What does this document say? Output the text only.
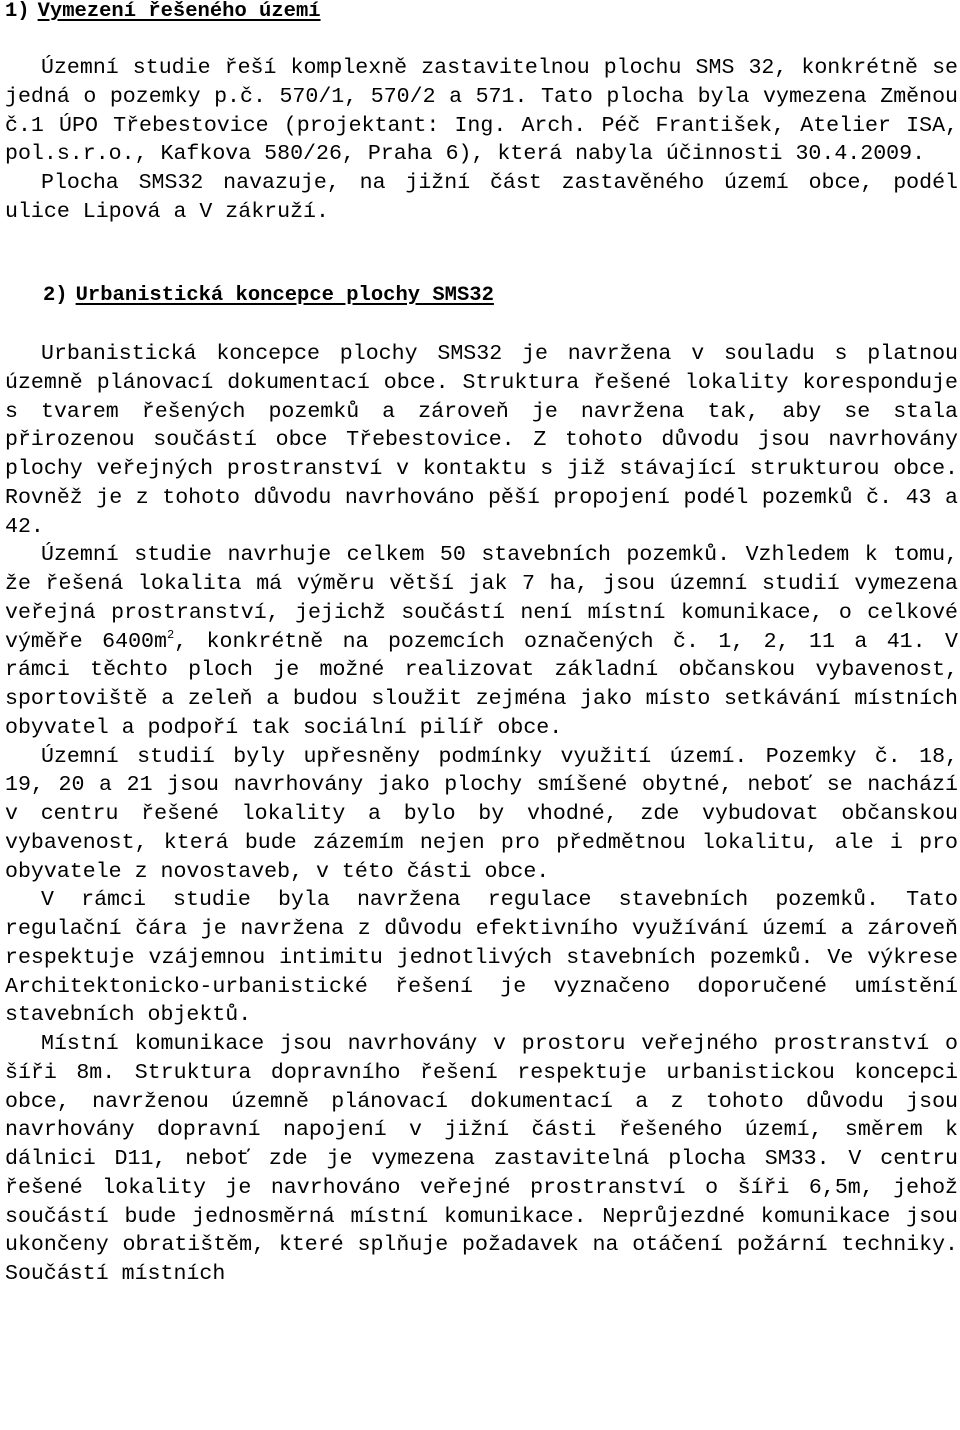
1) Vymezení řešeného území

Územní studie řeší komplexně zastavitelnou plochu SMS 32, konkrétně se jedná o pozemky p.č. 570/1, 570/2 a 571. Tato plocha byla vymezena Změnou č.1 ÚPO Třebestovice (projektant: Ing. Arch. Péč František, Atelier ISA, pol.s.r.o., Kafkova 580/26, Praha 6), která nabyla účinnosti 30.4.2009.

Plocha SMS32 navazuje, na jižní část zastavěného území obce, podél ulice Lipová a V zákruží.

2) Urbanistická koncepce plochy SMS32

Urbanistická koncepce plochy SMS32 je navržena v souladu s platnou územně plánovací dokumentací obce. Struktura řešené lokality koresponduje s tvarem řešených pozemků a zároveň je navržena tak, aby se stala přirozenou součástí obce Třebestovice. Z tohoto důvodu jsou navrhovány plochy veřejných prostranství v kontaktu s již stávající strukturou obce. Rovněž je z tohoto důvodu navrhováno pěší propojení podél pozemků č. 43 a 42.

Územní studie navrhuje celkem 50 stavebních pozemků. Vzhledem k tomu, že řešená lokalita má výměru větší jak 7 ha, jsou územní studií vymezena veřejná prostranství, jejichž součástí není místní komunikace, o celkové výměře $6400m^2$, konkrétně na pozemcích označených č. 1, 2, 11 a 41. V rámci těchto ploch je možné realizovat základní občanskou vybavenost, sportoviště a zeleň a budou sloužit zejména jako místo setkávání místních obyvatel a podpoří tak sociální pilíř obce.

Územní studií byly upřesněny podmínky využití území. Pozemky č. 18, 19, 20 a 21 jsou navrhovány jako plochy smíšené obytné, neboť se nachází v centru řešené lokality a bylo by vhodné, zde vybudovat občanskou vybavenost, která bude zázemím nejen pro předmětnou lokalitu, ale i pro obyvatele z novostaveb, v této části obce.

V rámci studie byla navržena regulace stavebních pozemků. Tato regulační čára je navržena z důvodu efektivního využívání území a zároveň respektuje vzájemnou intimitu jednotlivých stavebních pozemků. Ve výkrese Architektonicko-urbanistické řešení je vyznačeno doporučené umístění stavebních objektů.

Místní komunikace jsou navrhovány v prostoru veřejného prostranství o šíři 8m. Struktura dopravního řešení respektuje urbanistickou koncepci obce, navrženou územně plánovací dokumentací a z tohoto důvodu jsou navrhovány dopravní napojení v jižní části řešeného území, směrem k dálnici D11, neboť zde je vymezena zastavitelná plocha SM33. V centru řešené lokality je navrhováno veřejné prostranství o šíři 6,5m, jehož součástí bude jednosměrná místní komunikace. Neprůjezdné komunikace jsou ukončeny obratištěm, které splňuje požadavek na otáčení požární techniky. Součástí místních
